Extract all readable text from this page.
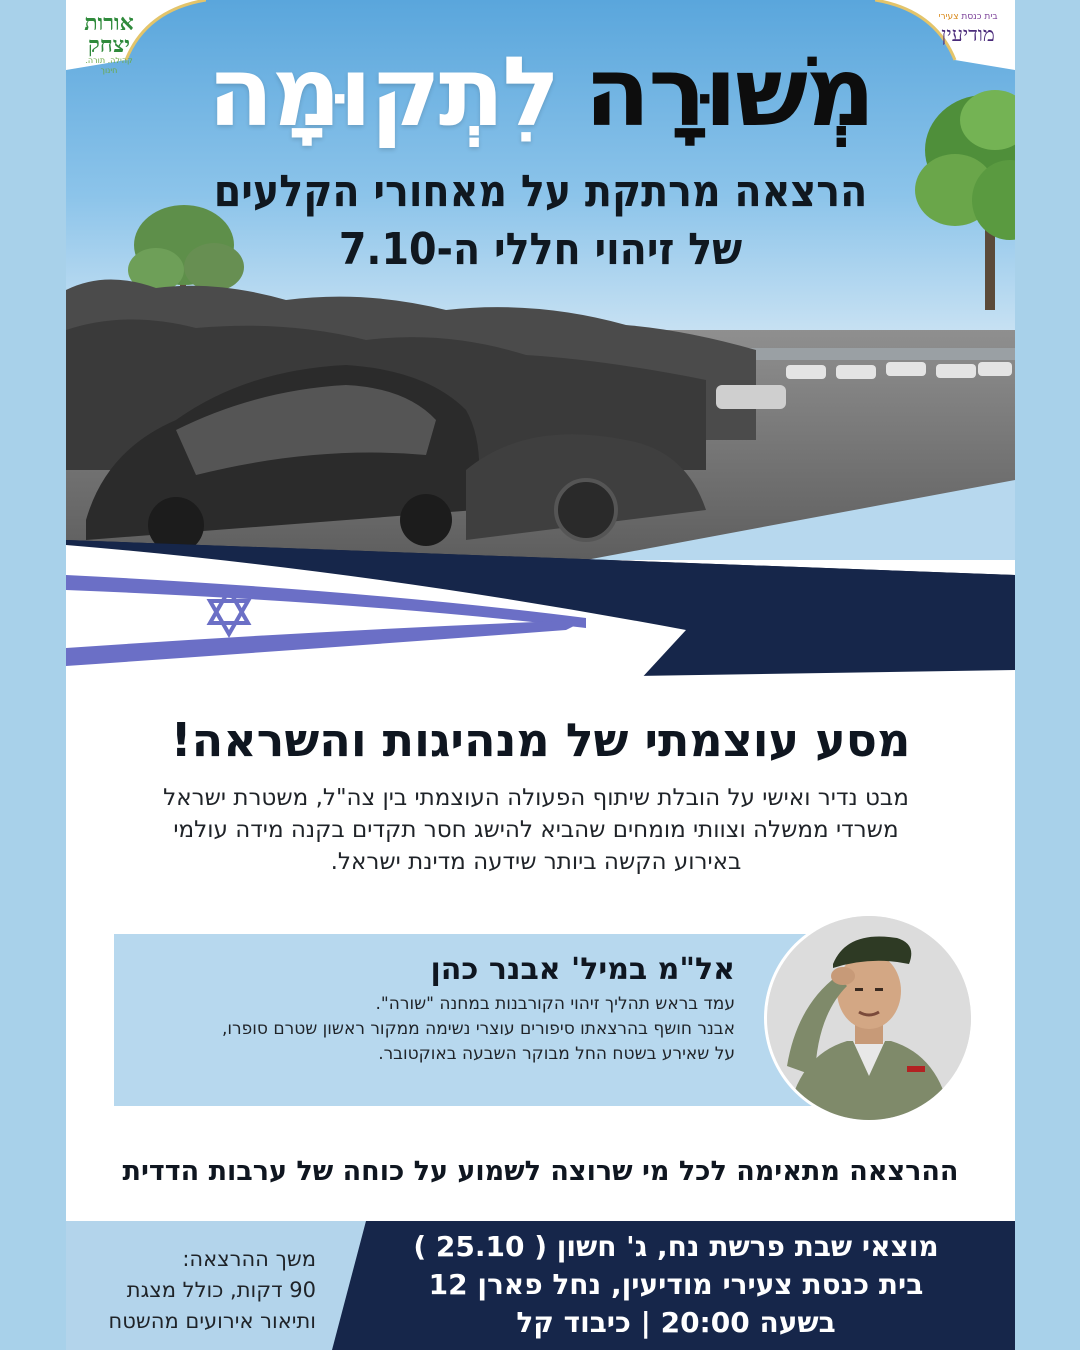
אורות יצחק
קהילה. תורה. חינוך
בית כנסת צעירי
מודיעין
מְשׁוּרָה
לִתְקוּמָה
הרצאה מרתקת על מאחורי הקלעים
של זיהוי חללי ה-7.10
מסע עוצמתי של מנהיגות והשראה!
מבט נדיר ואישי על הובלת שיתוף הפעולה העוצמתי בין צה"ל, משטרת ישראל
משרדי ממשלה וצוותי מומחים שהביא להישג חסר תקדים בקנה מידה עולמי
באירוע הקשה ביותר שידעה מדינת ישראל.
אל"מ במיל' אבנר כהן
עמד בראש תהליך זיהוי הקורבנות במחנה "שורה".
אבנר חושף בהרצאתו סיפורים עוצרי נשימה ממקור ראשון שטרם סופרו,
על שאירע בשטח החל מבוקר השבעה באוקטובר.
ההרצאה מתאימה לכל מי שרוצה לשמוע על כוחה של ערבות הדדית
מוצאי שבת פרשת נח, ג' חשון ( 25.10 )
בית כנסת צעירי מודיעין, נחל פארן 12
בשעה 20:00 | כיבוד קל
משך ההרצאה:
90 דקות, כולל מצגת
ותיאור אירועים מהשטח
